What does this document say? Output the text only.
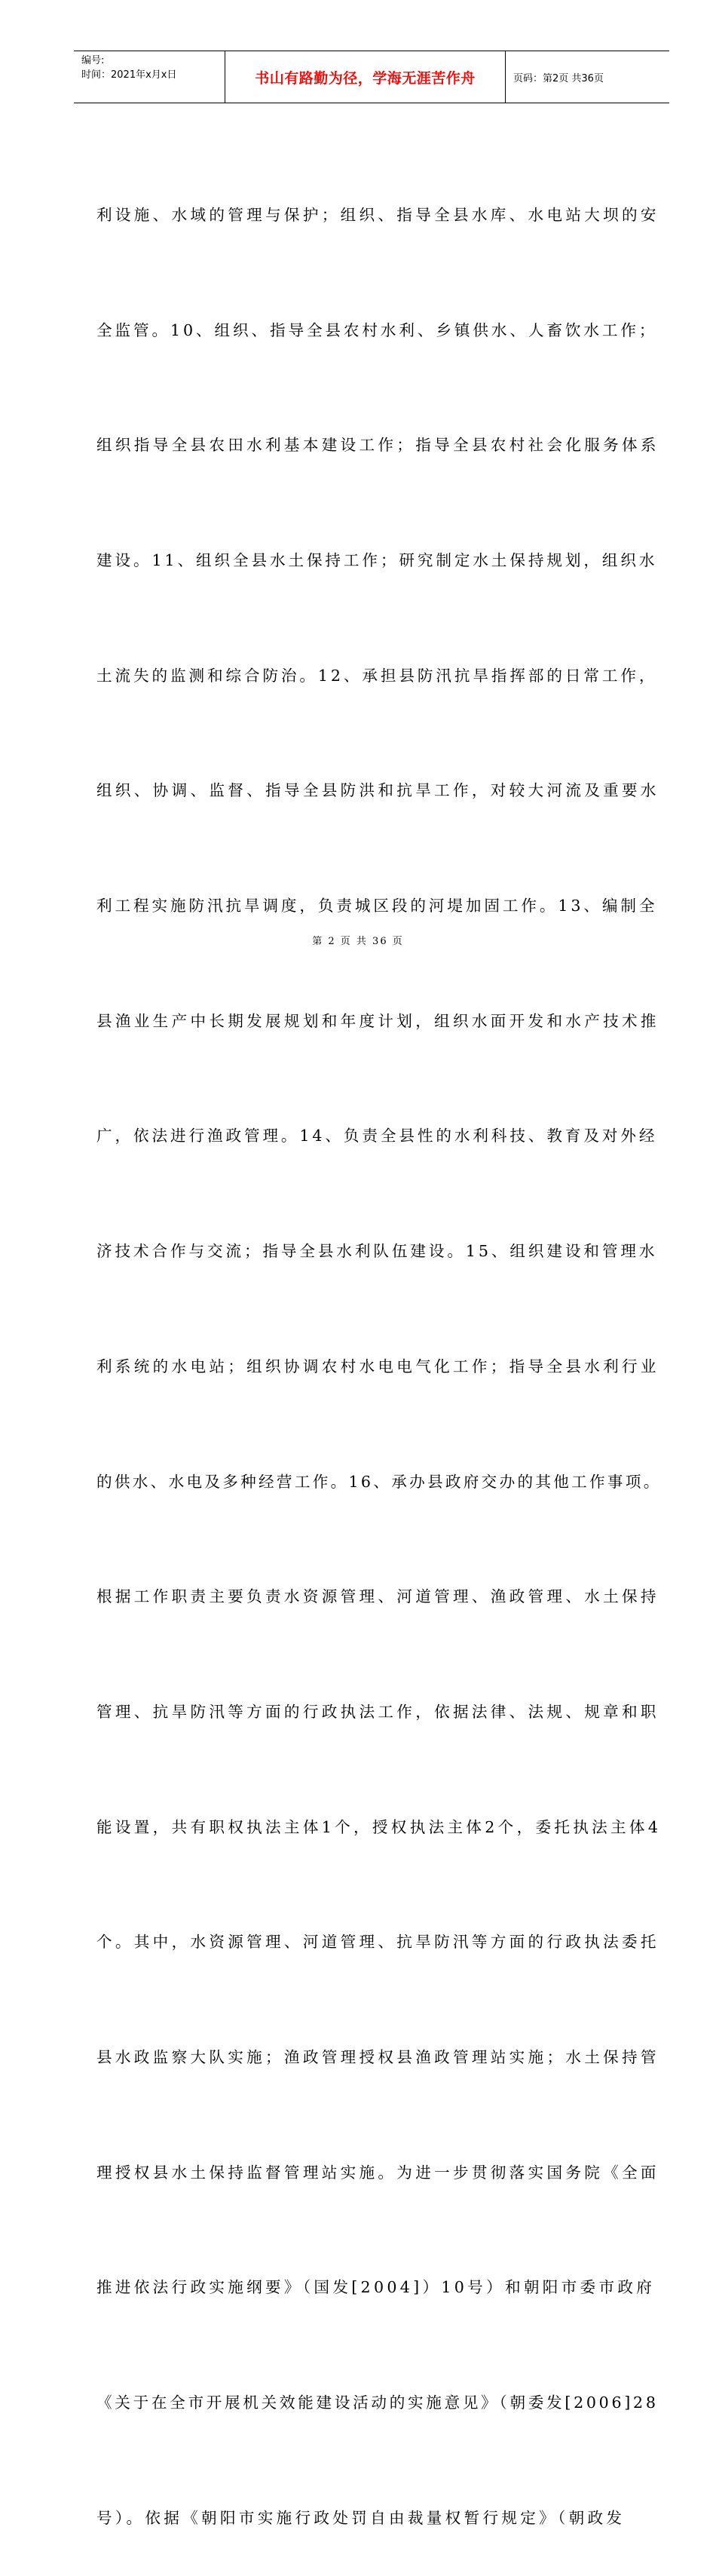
编号:
时间：2021年x月x日	书山有路勤为径，学海无涯苦作舟	页码：第2页 共36页

利设施、水域的管理与保护；组织、指导全县水库、水电站大坝的安

全监管。10、组织、指导全县农村水利、乡镇供水、人畜饮水工作；

组织指导全县农田水利基本建设工作；指导全县农村社会化服务体系

建设。11、组织全县水土保持工作；研究制定水土保持规划，组织水

土流失的监测和综合防治。12、承担县防汛抗旱指挥部的日常工作，

组织、协调、监督、指导全县防洪和抗旱工作，对较大河流及重要水

利工程实施防汛抗旱调度，负责城区段的河堤加固工作。13、编制全

县渔业生产中长期发展规划和年度计划，组织水面开发和水产技术推

广，依法进行渔政管理。14、负责全县性的水利科技、教育及对外经

济技术合作与交流；指导全县水利队伍建设。15、组织建设和管理水

利系统的水电站；组织协调农村水电电气化工作；指导全县水利行业

的供水、水电及多种经营工作。16、承办县政府交办的其他工作事项。

根据工作职责主要负责水资源管理、河道管理、渔政管理、水土保持

管理、抗旱防汛等方面的行政执法工作，依据法律、法规、规章和职

能设置，共有职权执法主体1个，授权执法主体2个，委托执法主体4

个。其中，水资源管理、河道管理、抗旱防汛等方面的行政执法委托

县水政监察大队实施；渔政管理授权县渔政管理站实施；水土保持管

理授权县水土保持监督管理站实施。为进一步贯彻落实国务院《全面

推进依法行政实施纲要》（国发[2004]）10号）和朝阳市委市政府

《关于在全市开展机关效能建设活动的实施意见》（朝委发[2006]28

号）。依据《朝阳市实施行政处罚自由裁量权暂行规定》（朝政发

第 2 页 共 36 页
